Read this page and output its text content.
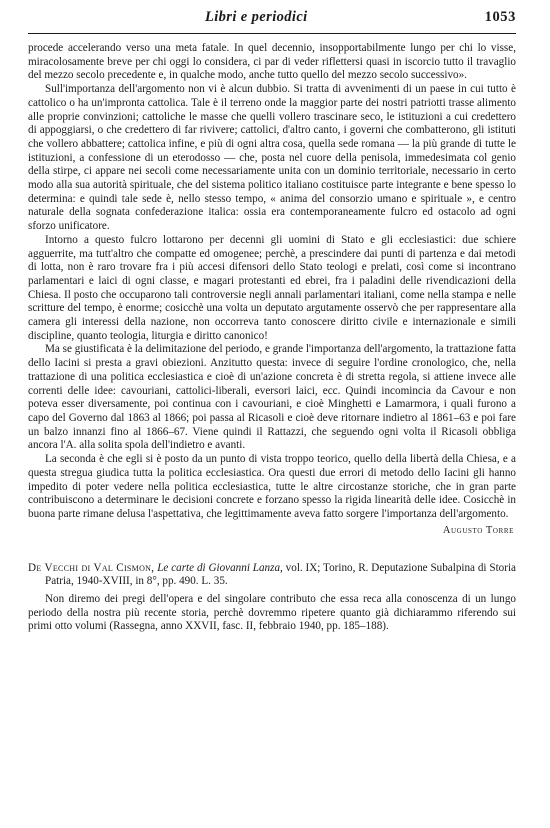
Libri e periodici	1053

procede accelerando verso una meta fatale. In quel decennio, insopportabilmente lungo per chi lo visse, miracolosamente breve per chi oggi lo considera, ci par di veder riflettersi quasi in iscorcio tutto il travaglio del mezzo secolo precedente e, in qualche modo, anche tutto quello del mezzo secolo successivo».

Sull'importanza dell'argomento non vi è alcun dubbio. Si tratta di avvenimenti di un paese in cui tutto è cattolico o ha un'impronta cattolica. Tale è il terreno onde la maggior parte dei nostri patriotti trasse alimento alle proprie convinzioni; cattoliche le masse che quelli vollero trascinare seco, le istituzioni a cui credettero di appoggiarsi, o che credettero di far rivivere; cattolici, d'altro canto, i governi che combatterono, gli istituti che vollero abbattere; cattolica infine, e più di ogni altra cosa, quella sede romana — la più grande di tutte le istituzioni, a confessione di un eterodosso — che, posta nel cuore della penisola, immedesimata col genio della stirpe, ci appare nei secoli come necessariamente unita con un dominio territoriale, necessario in certo modo alla sua autorità spirituale, che del sistema politico italiano costituisce parte integrante e bene spesso lo determina: e quindi tale sede è, nello stesso tempo, « anima del consorzio umano e spirituale », e centro naturale della sognata confederazione italica: ossia era contemporaneamente fulcro ed ostacolo ad ogni sforzo unificatore.

Intorno a questo fulcro lottarono per decenni gli uomini di Stato e gli ecclesiastici: due schiere agguerrite, ma tutt'altro che compatte ed omogenee; perchè, a prescindere dai punti di partenza e dai metodi di lotta, non è raro trovare fra i più accesi difensori dello Stato teologi e prelati, così come si incontrano parlamentari e laici di ogni classe, e magari protestanti ed ebrei, fra i paladini delle rivendicazioni della Chiesa. Il posto che occuparono tali controversie negli annali parlamentari italiani, come nella stampa e nelle scritture del tempo, è enorme; cosicchè una volta un deputato argutamente osservò che per rappresentare alla camera gli interessi della nazione, non occorreva tanto conoscere diritto civile e internazionale e simili discipline, quanto teologia, liturgia e diritto canonico!

Ma se giustificata è la delimitazione del periodo, e grande l'importanza dell'argomento, la trattazione fatta dello Iacini si presta a gravi obiezioni. Anzitutto questa: invece di seguire l'ordine cronologico, che, nella trattazione di una politica ecclesiastica e cioè di un'azione concreta è di stretta regola, si attiene invece alle correnti delle idee: cavouriani, cattolici-liberali, eversori laici, ecc. Quindi incomincia da Cavour e non poteva esser diversamente, poi continua con i cavouriani, e cioè Minghetti e Lamarmora, i quali furono a capo del Governo dal 1863 al 1866; poi passa al Ricasoli e cioè deve ritornare indietro al 1861–63 e poi fare un balzo innanzi fino al 1866–67. Viene quindi il Rattazzi, che seguendo ogni volta il Ricasoli obbliga ancora l'A. alla solita spola dell'indietro e avanti.

La seconda è che egli si è posto da un punto di vista troppo teorico, quello della libertà della Chiesa, e a questa stregua giudica tutta la politica ecclesiastica. Ora questi due errori di metodo dello Iacini gli hanno impedito di poter vedere nella politica ecclesiastica, tutte le altre circostanze storiche, che in gran parte contribuiscono a determinare le decisioni concrete e forzano spesso la rigida linearità delle idee. Cosicchè in buona parte rimane delusa l'aspettativa, che legittimamente aveva fatto sorgere l'importanza dell'argomento.

Augusto Torre

De Vecchi di Val Cismon, Le carte di Giovanni Lanza, vol. IX; Torino, R. Deputazione Subalpina di Storia Patria, 1940-XVIII, in 8°, pp. 490. L. 35.

Non diremo dei pregi dell'opera e del singolare contributo che essa reca alla conoscenza di un lungo periodo della nostra più recente storia, perchè dovremmo ripetere quanto già dichiarammo riferendo sui primi otto volumi (Rassegna, anno XXVII, fasc. II, febbraio 1940, pp. 185–188).
